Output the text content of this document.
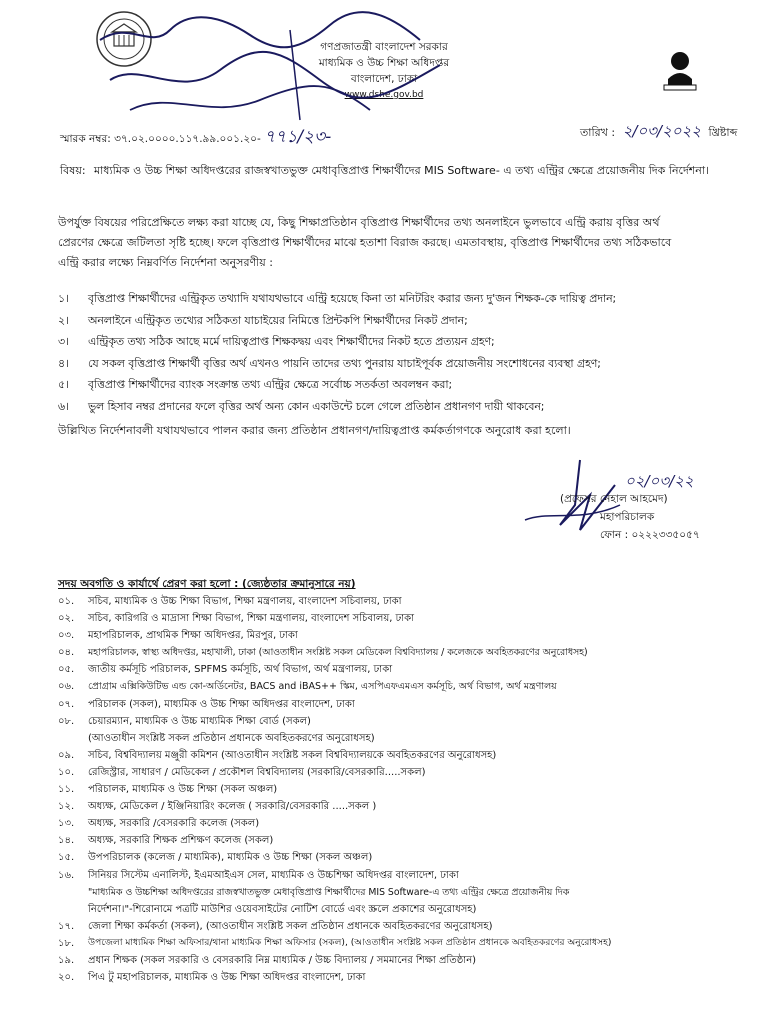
গণপ্রজাতন্ত্রী বাংলাদেশ সরকার
মাধ্যমিক ও উচ্চ শিক্ষা অধিদপ্তর
বাংলাদেশ, ঢাকা
www.dshe.gov.bd
স্মারক নম্বর: ৩৭.০২.০০০০.১১৭.৯৯.০০১.২০- ৭৭১/২৩-	তারিখ : ২/০৩/২০২২ খ্রিষ্টাব্দ
বিষয়: মাধ্যমিক ও উচ্চ শিক্ষা অধিদপ্তরের রাজস্বখাতভুক্ত মেধাবৃত্তিপ্রাপ্ত শিক্ষার্থীদের MIS Software- এ তথ্য এন্ট্রির ক্ষেত্রে প্রয়োজনীয় দিক নির্দেশনা।
উপর্যুক্ত বিষয়ের পরিপ্রেক্ষিতে লক্ষ্য করা যাচ্ছে যে, কিছু শিক্ষাপ্রতিষ্ঠান বৃত্তিপ্রাপ্ত শিক্ষার্থীদের তথ্য অনলাইনে ভুলভাবে এন্ট্রি করায় বৃত্তির অর্থ
প্রেরণের ক্ষেত্রে জটিলতা সৃষ্টি হচ্ছে। ফলে বৃত্তিপ্রাপ্ত শিক্ষার্থীদের মাঝে হতাশা বিরাজ করছে। এমতাবস্থায়, বৃত্তিপ্রাপ্ত শিক্ষার্থীদের তথ্য সঠিকভাবে
এন্ট্রি করার লক্ষ্যে নিম্নবর্ণিত নির্দেশনা অনুসরণীয় :
১।	বৃত্তিপ্রাপ্ত শিক্ষার্থীদের এন্ট্রিকৃত তথ্যাদি যথাযথভাবে এন্ট্রি হয়েছে কিনা তা মনিটরিং করার জন্য দু'জন শিক্ষক-কে দায়িত্ব প্রদান;
২।	অনলাইনে এন্ট্রিকৃত তথ্যের সঠিকতা যাচাইয়ের নিমিত্তে প্রিন্টকপি শিক্ষার্থীদের নিকট প্রদান;
৩।	এন্ট্রিকৃত তথ্য সঠিক আছে মর্মে দায়িত্বপ্রাপ্ত শিক্ষকদ্বয় এবং শিক্ষার্থীদের নিকট হতে প্রত্যয়ন গ্রহণ;
৪।	যে সকল বৃত্তিপ্রাপ্ত শিক্ষার্থী বৃত্তির অর্থ এখনও পায়নি তাদের তথ্য পুনরায় যাচাইপূর্বক প্রয়োজনীয় সংশোধনের ব্যবস্থা গ্রহণ;
৫।	বৃত্তিপ্রাপ্ত শিক্ষার্থীদের ব্যাংক সংক্রান্ত তথ্য এন্ট্রির ক্ষেত্রে সর্বোচ্চ সতর্কতা অবলম্বন করা;
৬।	ভুল হিসাব নম্বর প্রদানের ফলে বৃত্তির অর্থ অন্য কোন একাউন্টে চলে গেলে প্রতিষ্ঠান প্রধানগণ দায়ী থাকবেন;
উল্লিখিত নির্দেশনাবলী যথাযথভাবে পালন করার জন্য প্রতিষ্ঠান প্রধানগণ/দায়িত্বপ্রাপ্ত কর্মকর্তাগণকে অনুরোধ করা হলো।
০২/০৩/২২
(প্রফেসর নেহাল আহমেদ)
মহাপরিচালক
ফোন : ০২২২৩৩৫০৫৭
সদয় অবগতি ও কার্যার্থে প্রেরণ করা হলো : (জ্যেষ্ঠতার ক্রমানুসারে নয়)
০১.	সচিব, মাধ্যমিক ও উচ্চ শিক্ষা বিভাগ, শিক্ষা মন্ত্রণালয়, বাংলাদেশ সচিবালয়, ঢাকা
০২.	সচিব, কারিগরি ও মাদ্রাসা শিক্ষা বিভাগ, শিক্ষা মন্ত্রণালয়, বাংলাদেশ সচিবালয়, ঢাকা
০৩.	মহাপরিচালক, প্রাথমিক শিক্ষা অধিদপ্তর, মিরপুর, ঢাকা
০৪.	মহাপরিচালক, স্বাস্থ্য অধিদপ্তর, মহাখালী, ঢাকা (আওতাধীন সংশ্লিষ্ট সকল মেডিকেল বিশ্ববিদ্যালয় / কলেজকে অবহিতকরণের অনুরোধসহ)
০৫.	জাতীয় কর্মসূচি পরিচালক, SPFMS কর্মসূচি, অর্থ বিভাগ, অর্থ মন্ত্রণালয়, ঢাকা
০৬.	প্রোগ্রাম এক্সিকিউটিভ এন্ড কো-অর্ডিনেটর, BACS and iBAS++ স্কিম, এসপিএফএমএস কর্মসূচি, অর্থ বিভাগ, অর্থ মন্ত্রণালয়
০৭.	পরিচালক (সকল), মাধ্যমিক ও উচ্চ শিক্ষা অধিদপ্তর বাংলাদেশ, ঢাকা
০৮.	চেয়ারম্যান, মাধ্যমিক ও উচ্চ মাধ্যমিক শিক্ষা বোর্ড (সকল)
(আওতাধীন সংশ্লিষ্ট সকল প্রতিষ্ঠান প্রধানকে অবহিতকরণের অনুরোধসহ)
০৯.	সচিব, বিশ্ববিদ্যালয় মঞ্জুরী কমিশন (আওতাধীন সংশ্লিষ্ট সকল বিশ্ববিদ্যালয়কে অবহিতকরণের অনুরোধসহ)
১০.	রেজিস্ট্রার, সাধারণ / মেডিকেল / প্রকৌশল বিশ্ববিদ্যালয় (সরকারি/বেসরকারি.....সকল)
১১.	পরিচালক, মাধ্যমিক ও উচ্চ শিক্ষা (সকল অঞ্চল)
১২.	অধ্যক্ষ, মেডিকেল / ইঞ্জিনিয়ারিং কলেজ ( সরকারি/বেসরকারি .....সকল )
১৩.	অধ্যক্ষ, সরকারি /বেসরকারি কলেজ (সকল)
১৪.	অধ্যক্ষ, সরকারি শিক্ষক প্রশিক্ষণ কলেজ (সকল)
১৫.	উপপরিচালক (কলেজ / মাধ্যমিক), মাধ্যমিক ও উচ্চ শিক্ষা (সকল অঞ্চল)
১৬.	সিনিয়র সিস্টেম এনালিস্ট, ইএমআইএস সেল, মাধ্যমিক ও উচ্চশিক্ষা অধিদপ্তর বাংলাদেশ, ঢাকা
"মাধ্যমিক ও উচ্চশিক্ষা অধিদপ্তরের রাজস্বখাতভুক্ত মেধাবৃত্তিপ্রাপ্ত শিক্ষার্থীদের MIS Software-এ তথ্য এন্ট্রির ক্ষেত্রে প্রয়োজনীয় দিক
নির্দেশনা।"-শিরোনামে পত্রটি মাউশির ওয়েবসাইটের নোটিশ বোর্ডে এবং স্ক্রলে প্রকাশের অনুরোধসহ)
১৭.	জেলা শিক্ষা কর্মকর্তা (সকল), (আওতাধীন সংশ্লিষ্ট সকল প্রতিষ্ঠান প্রধানকে অবহিতকরণের অনুরোধসহ)
১৮.	উপজেলা মাধ্যমিক শিক্ষা অফিসার/থানা মাধ্যমিক শিক্ষা অফিসার (সকল), (আওতাধীন সংশ্লিষ্ট সকল প্রতিষ্ঠান প্রধানকে অবহিতকরণের অনুরোধসহ)
১৯.	প্রধান শিক্ষক (সকল সরকারি ও বেসরকারি নিম্ন মাধ্যমিক / উচ্চ বিদ্যালয় / সমমানের শিক্ষা প্রতিষ্ঠান)
২০.	পিএ টু মহাপরিচালক, মাধ্যমিক ও উচ্চ শিক্ষা অধিদপ্তর বাংলাদেশ, ঢাকা
